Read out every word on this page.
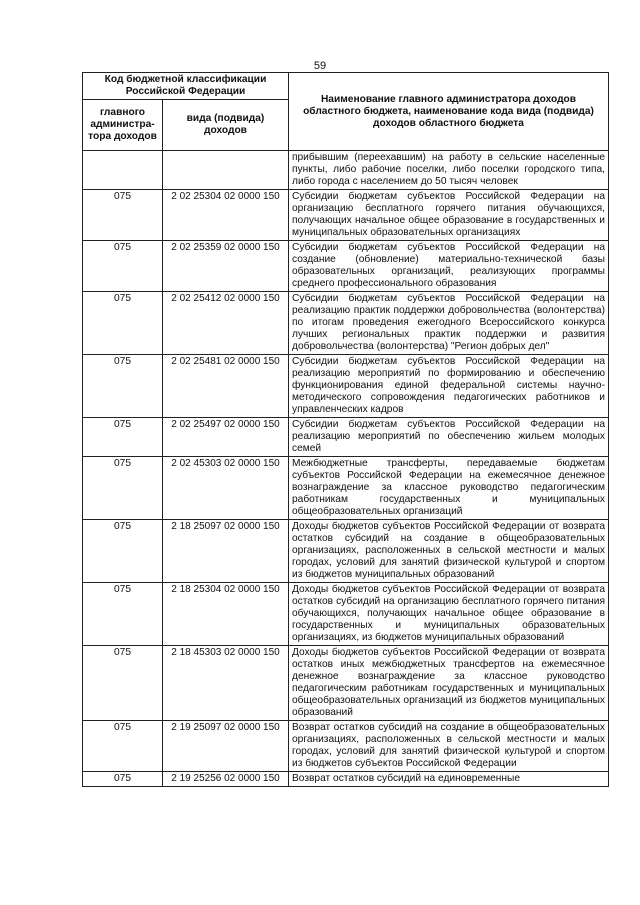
59
Код бюджетной классификации Российской Федерации		Наименование главного администратора доходов областного бюджета, наименование кода вида (подвида) доходов областного бюджета
главного администра-тора доходов	вида (подвида) доходов	
		прибывшим (переехавшим) на работу в сельские населенные пункты, либо рабочие поселки, либо поселки городского типа, либо города с населением до 50 тысяч человек
075	2 02 25304 02 0000 150	Субсидии бюджетам субъектов Российской Федерации на организацию бесплатного горячего питания обучающихся, получающих начальное общее образование в государственных и муниципальных образовательных организациях
075	2 02 25359 02 0000 150	Субсидии бюджетам субъектов Российской Федерации на создание (обновление) материально-технической базы образовательных организаций, реализующих программы среднего профессионального образования
075	2 02 25412 02 0000 150	Субсидии бюджетам субъектов Российской Федерации на реализацию практик поддержки добровольчества (волонтерства) по итогам проведения ежегодного Всероссийского конкурса лучших региональных практик поддержки и развития добровольчества (волонтерства) "Регион добрых дел"
075	2 02 25481 02 0000 150	Субсидии бюджетам субъектов Российской Федерации на реализацию мероприятий по формированию и обеспечению функционирования единой федеральной системы научно-методического сопровождения педагогических работников и управленческих кадров
075	2 02 25497 02 0000 150	Субсидии бюджетам субъектов Российской Федерации на реализацию мероприятий по обеспечению жильем молодых семей
075	2 02 45303 02 0000 150	Межбюджетные трансферты, передаваемые бюджетам субъектов Российской Федерации на ежемесячное денежное вознаграждение за классное руководство педагогическим работникам государственных и муниципальных общеобразовательных организаций
075	2 18 25097 02 0000 150	Доходы бюджетов субъектов Российской Федерации от возврата остатков субсидий на создание в общеобразовательных организациях, расположенных в сельской местности и малых городах, условий для занятий физической культурой и спортом из бюджетов муниципальных образований
075	2 18 25304 02 0000 150	Доходы бюджетов субъектов Российской Федерации от возврата остатков субсидий на организацию бесплатного горячего питания обучающихся, получающих начальное общее образование в государственных и муниципальных образовательных организациях, из бюджетов муниципальных образований
075	2 18 45303 02 0000 150	Доходы бюджетов субъектов Российской Федерации от возврата остатков иных межбюджетных трансфертов на ежемесячное денежное вознаграждение за классное руководство педагогическим работникам государственных и муниципальных общеобразовательных организаций из бюджетов муниципальных образований
075	2 19 25097 02 0000 150	Возврат остатков субсидий на создание в общеобразовательных организациях, расположенных в сельской местности и малых городах, условий для занятий физической культурой и спортом из бюджетов субъектов Российской Федерации
075	2 19 25256 02 0000 150	Возврат остатков субсидий на единовременные
